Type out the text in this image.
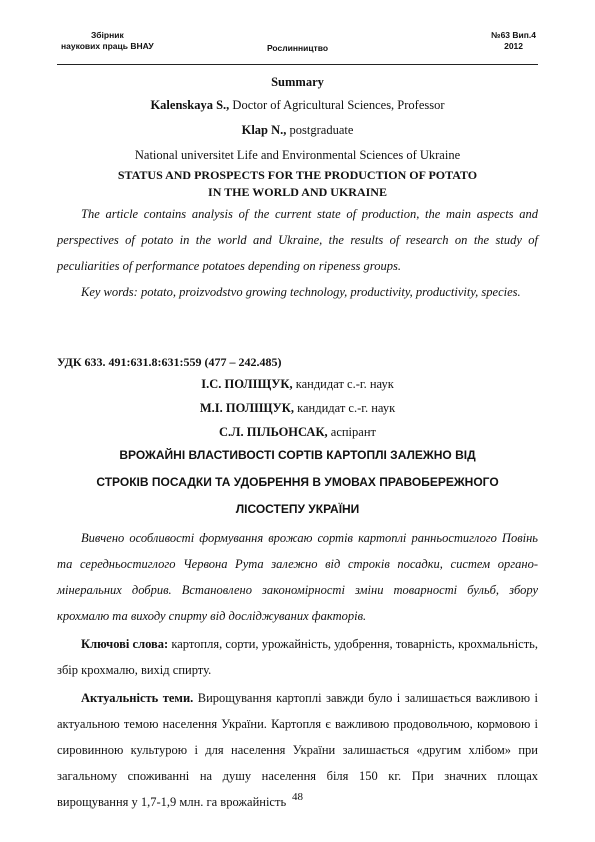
Збірник
наукових праць ВНАУ	Рослинництво
№63 Вип.4
2012
Summary
Kalenskaya S., Doctor of Agricultural Sciences, Professor
Klap N., postgraduate
National universitet Life and Environmental Sciences of Ukraine
STATUS AND PROSPECTS FOR THE PRODUCTION OF POTATO
IN THE WORLD AND UKRAINE
The article contains analysis of the current state of production, the main aspects and perspectives of potato in the world and Ukraine, the results of research on the study of peculiarities of performance potatoes depending on ripeness groups.
Key words: potato, proizvodstvo growing technology, productivity, productivity, species.
УДК 633. 491:631.8:631:559 (477 – 242.485)
І.С. ПОЛІЩУК, кандидат с.-г. наук
М.І. ПОЛІЩУК, кандидат с.-г. наук
С.Л. ПІЛЬОНСАК, аспірант
ВРОЖАЙНІ ВЛАСТИВОСТІ СОРТІВ КАРТОПЛІ ЗАЛЕЖНО ВІД
СТРОКІВ ПОСАДКИ ТА УДОБРЕННЯ В УМОВАХ ПРАВОБЕРЕЖНОГО
ЛІСОСТЕПУ УКРАЇНИ
Вивчено особливості формування врожаю сортів картоплі ранньостиглого Повінь та середньостиглого Червона Рута залежно від строків посадки, систем органо-мінеральних добрив. Встановлено закономірності зміни товарності бульб, збору крохмалю та виходу спирту від досліджуваних факторів.
Ключові слова: картопля, сорти, урожайність, удобрення, товарність, крохмальність, збір крохмалю, вихід спирту.
Актуальність теми. Вирощування картоплі завжди було і залишається важливою і актуальною темою населення України. Картопля є важливою продовольчою, кормовою і сировинною культурою і для населення України залишається «другим хлібом» при загальному споживанні на душу населення біля 150 кг. При значних площах вирощування у 1,7-1,9 млн. га врожайність 48
